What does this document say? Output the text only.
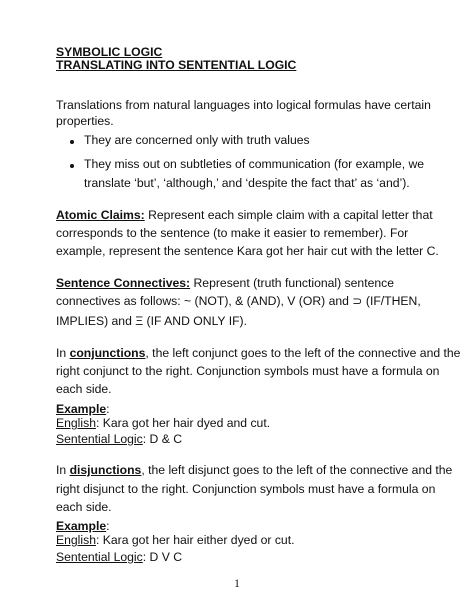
SYMBOLIC LOGIC
TRANSLATING INTO SENTENTIAL LOGIC
Translations from natural languages into logical formulas have certain
properties.
They are concerned only with truth values
They miss out on subtleties of communication (for example, we
translate ‘but’, ‘although,’ and ‘despite the fact that’ as ‘and’).
Atomic Claims: Represent each simple claim with a capital letter that
corresponds to the sentence (to make it easier to remember). For
example, represent the sentence Kara got her hair cut with the letter C.
Sentence Connectives: Represent (truth functional) sentence
connectives as follows: ~ (NOT), & (AND), V (OR) and ⊃ (IF/THEN,
IMPLIES) and Ξ (IF AND ONLY IF).
In conjunctions, the left conjunct goes to the left of the connective and the
right conjunct to the right. Conjunction symbols must have a formula on
each side.
Example:
English: Kara got her hair dyed and cut.
Sentential Logic: D & C
In disjunctions, the left disjunct goes to the left of the connective and the
right disjunct to the right. Conjunction symbols must have a formula on
each side.
Example:
English: Kara got her hair either dyed or cut.
Sentential Logic: D V C
1
